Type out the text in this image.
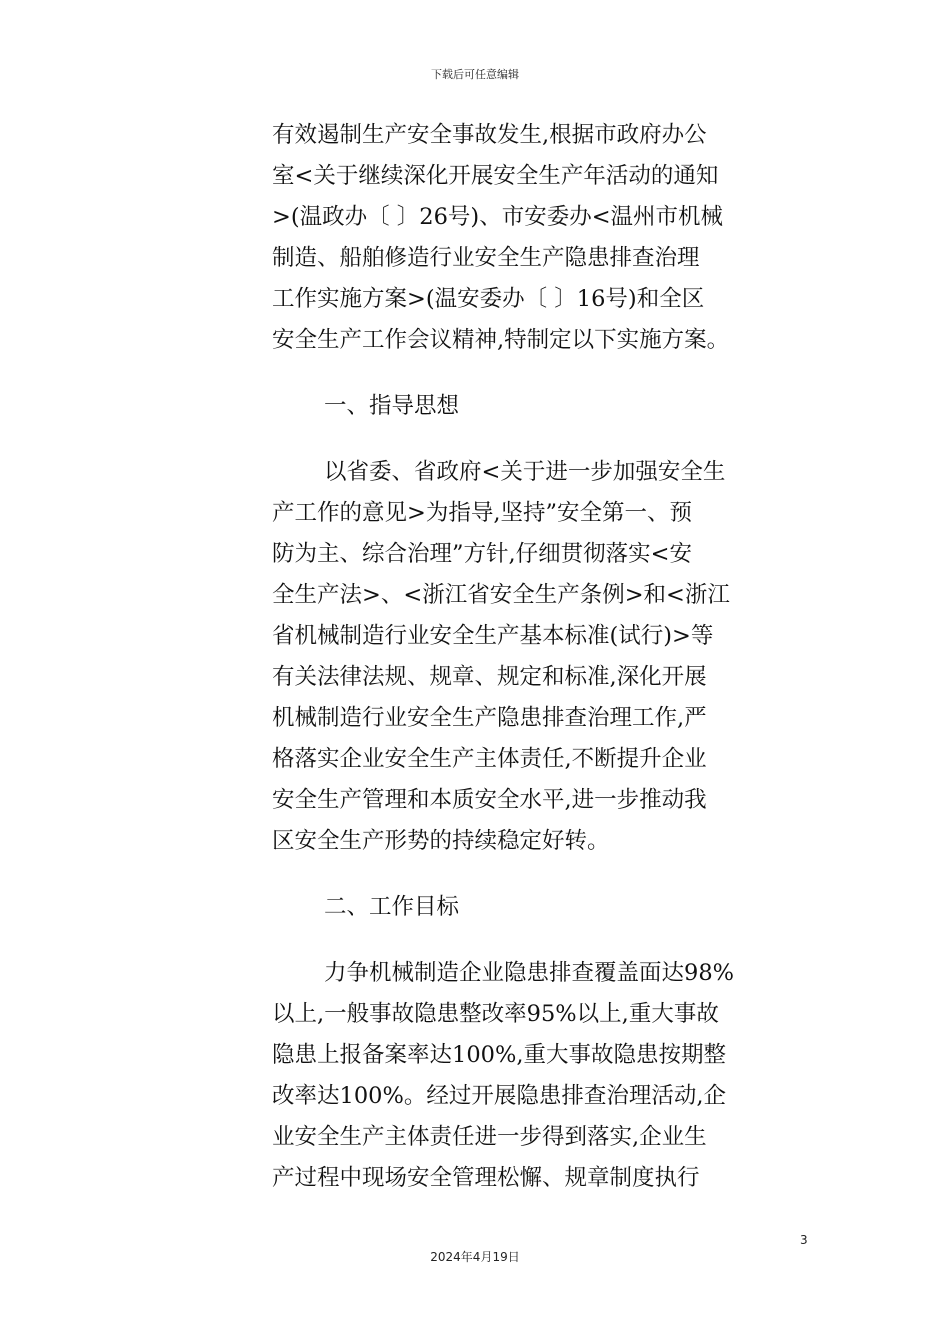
下载后可任意编辑
有效遏制生产安全事故发生,根据市政府办公
室<关于继续深化开展安全生产年活动的通知
>(温政办〔 〕26号)、市安委办<温州市机械
制造、船舶修造行业安全生产隐患排查治理
工作实施方案>(温安委办〔 〕16号)和全区
安全生产工作会议精神,特制定以下实施方案。
一、指导思想
以省委、省政府<关于进一步加强安全生
产工作的意见>为指导,坚持”安全第一、预
防为主、综合治理”方针,仔细贯彻落实<安
全生产法>、<浙江省安全生产条例>和<浙江
省机械制造行业安全生产基本标准(试行)>等
有关法律法规、规章、规定和标准,深化开展
机械制造行业安全生产隐患排查治理工作,严
格落实企业安全生产主体责任,不断提升企业
安全生产管理和本质安全水平,进一步推动我
区安全生产形势的持续稳定好转。
二、工作目标
力争机械制造企业隐患排查覆盖面达98%
以上,一般事故隐患整改率95%以上,重大事故
隐患上报备案率达100%,重大事故隐患按期整
改率达100%。经过开展隐患排查治理活动,企
业安全生产主体责任进一步得到落实,企业生
产过程中现场安全管理松懈、规章制度执行
3
2024年4月19日
